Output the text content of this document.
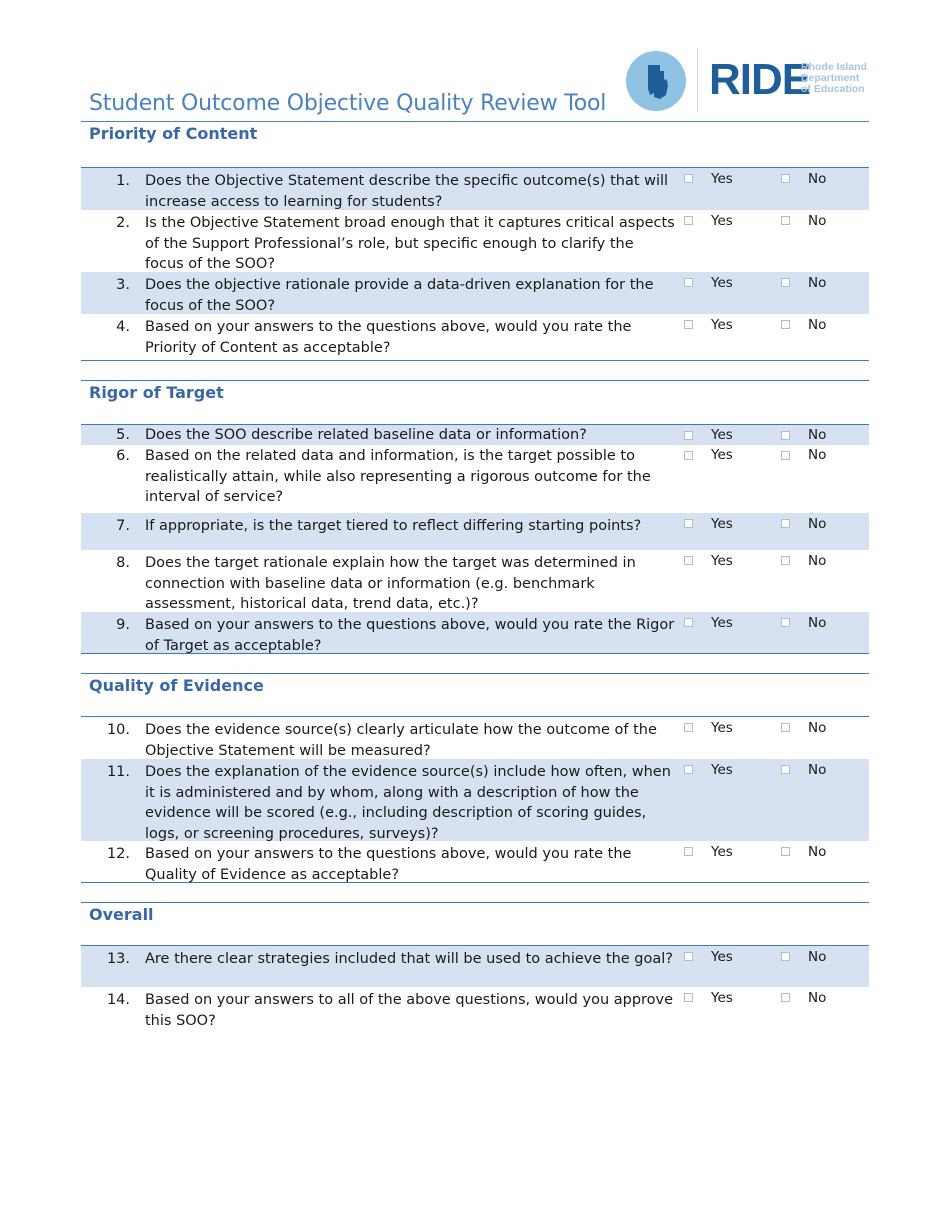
RIDE
Rhode Island
Department
of Education
Student Outcome Objective Quality Review Tool
Priority of Content
1. Does the Objective Statement describe the specific outcome(s) that will increase access to learning for students?
Yes	No
2. Is the Objective Statement broad enough that it captures critical aspects of the Support Professional’s role, but specific enough to clarify the focus of the SOO?
Yes	No
3. Does the objective rationale provide a data-driven explanation for the focus of the SOO?
Yes	No
4. Based on your answers to the questions above, would you rate the Priority of Content as acceptable?
Yes	No
Rigor of Target
5. Does the SOO describe related baseline data or information?	Yes	No
6. Based on the related data and information, is the target possible to realistically attain, while also representing a rigorous outcome for the interval of service?
Yes	No
7. If appropriate, is the target tiered to reflect differing starting points?	Yes	No
8. Does the target rationale explain how the target was determined in connection with baseline data or information (e.g. benchmark assessment, historical data, trend data, etc.)?
Yes	No
9. Based on your answers to the questions above, would you rate the Rigor of Target as acceptable?
Yes	No
Quality of Evidence
10. Does the evidence source(s) clearly articulate how the outcome of the Objective Statement will be measured?
Yes	No
11. Does the explanation of the evidence source(s) include how often, when it is administered and by whom, along with a description of how the evidence will be scored (e.g., including description of scoring guides, logs, or screening procedures, surveys)?
Yes	No
12. Based on your answers to the questions above, would you rate the Quality of Evidence as acceptable?
Yes	No
Overall
13. Are there clear strategies included that will be used to achieve the goal?	Yes	No
14. Based on your answers to all of the above questions, would you approve this SOO?
Yes	No
